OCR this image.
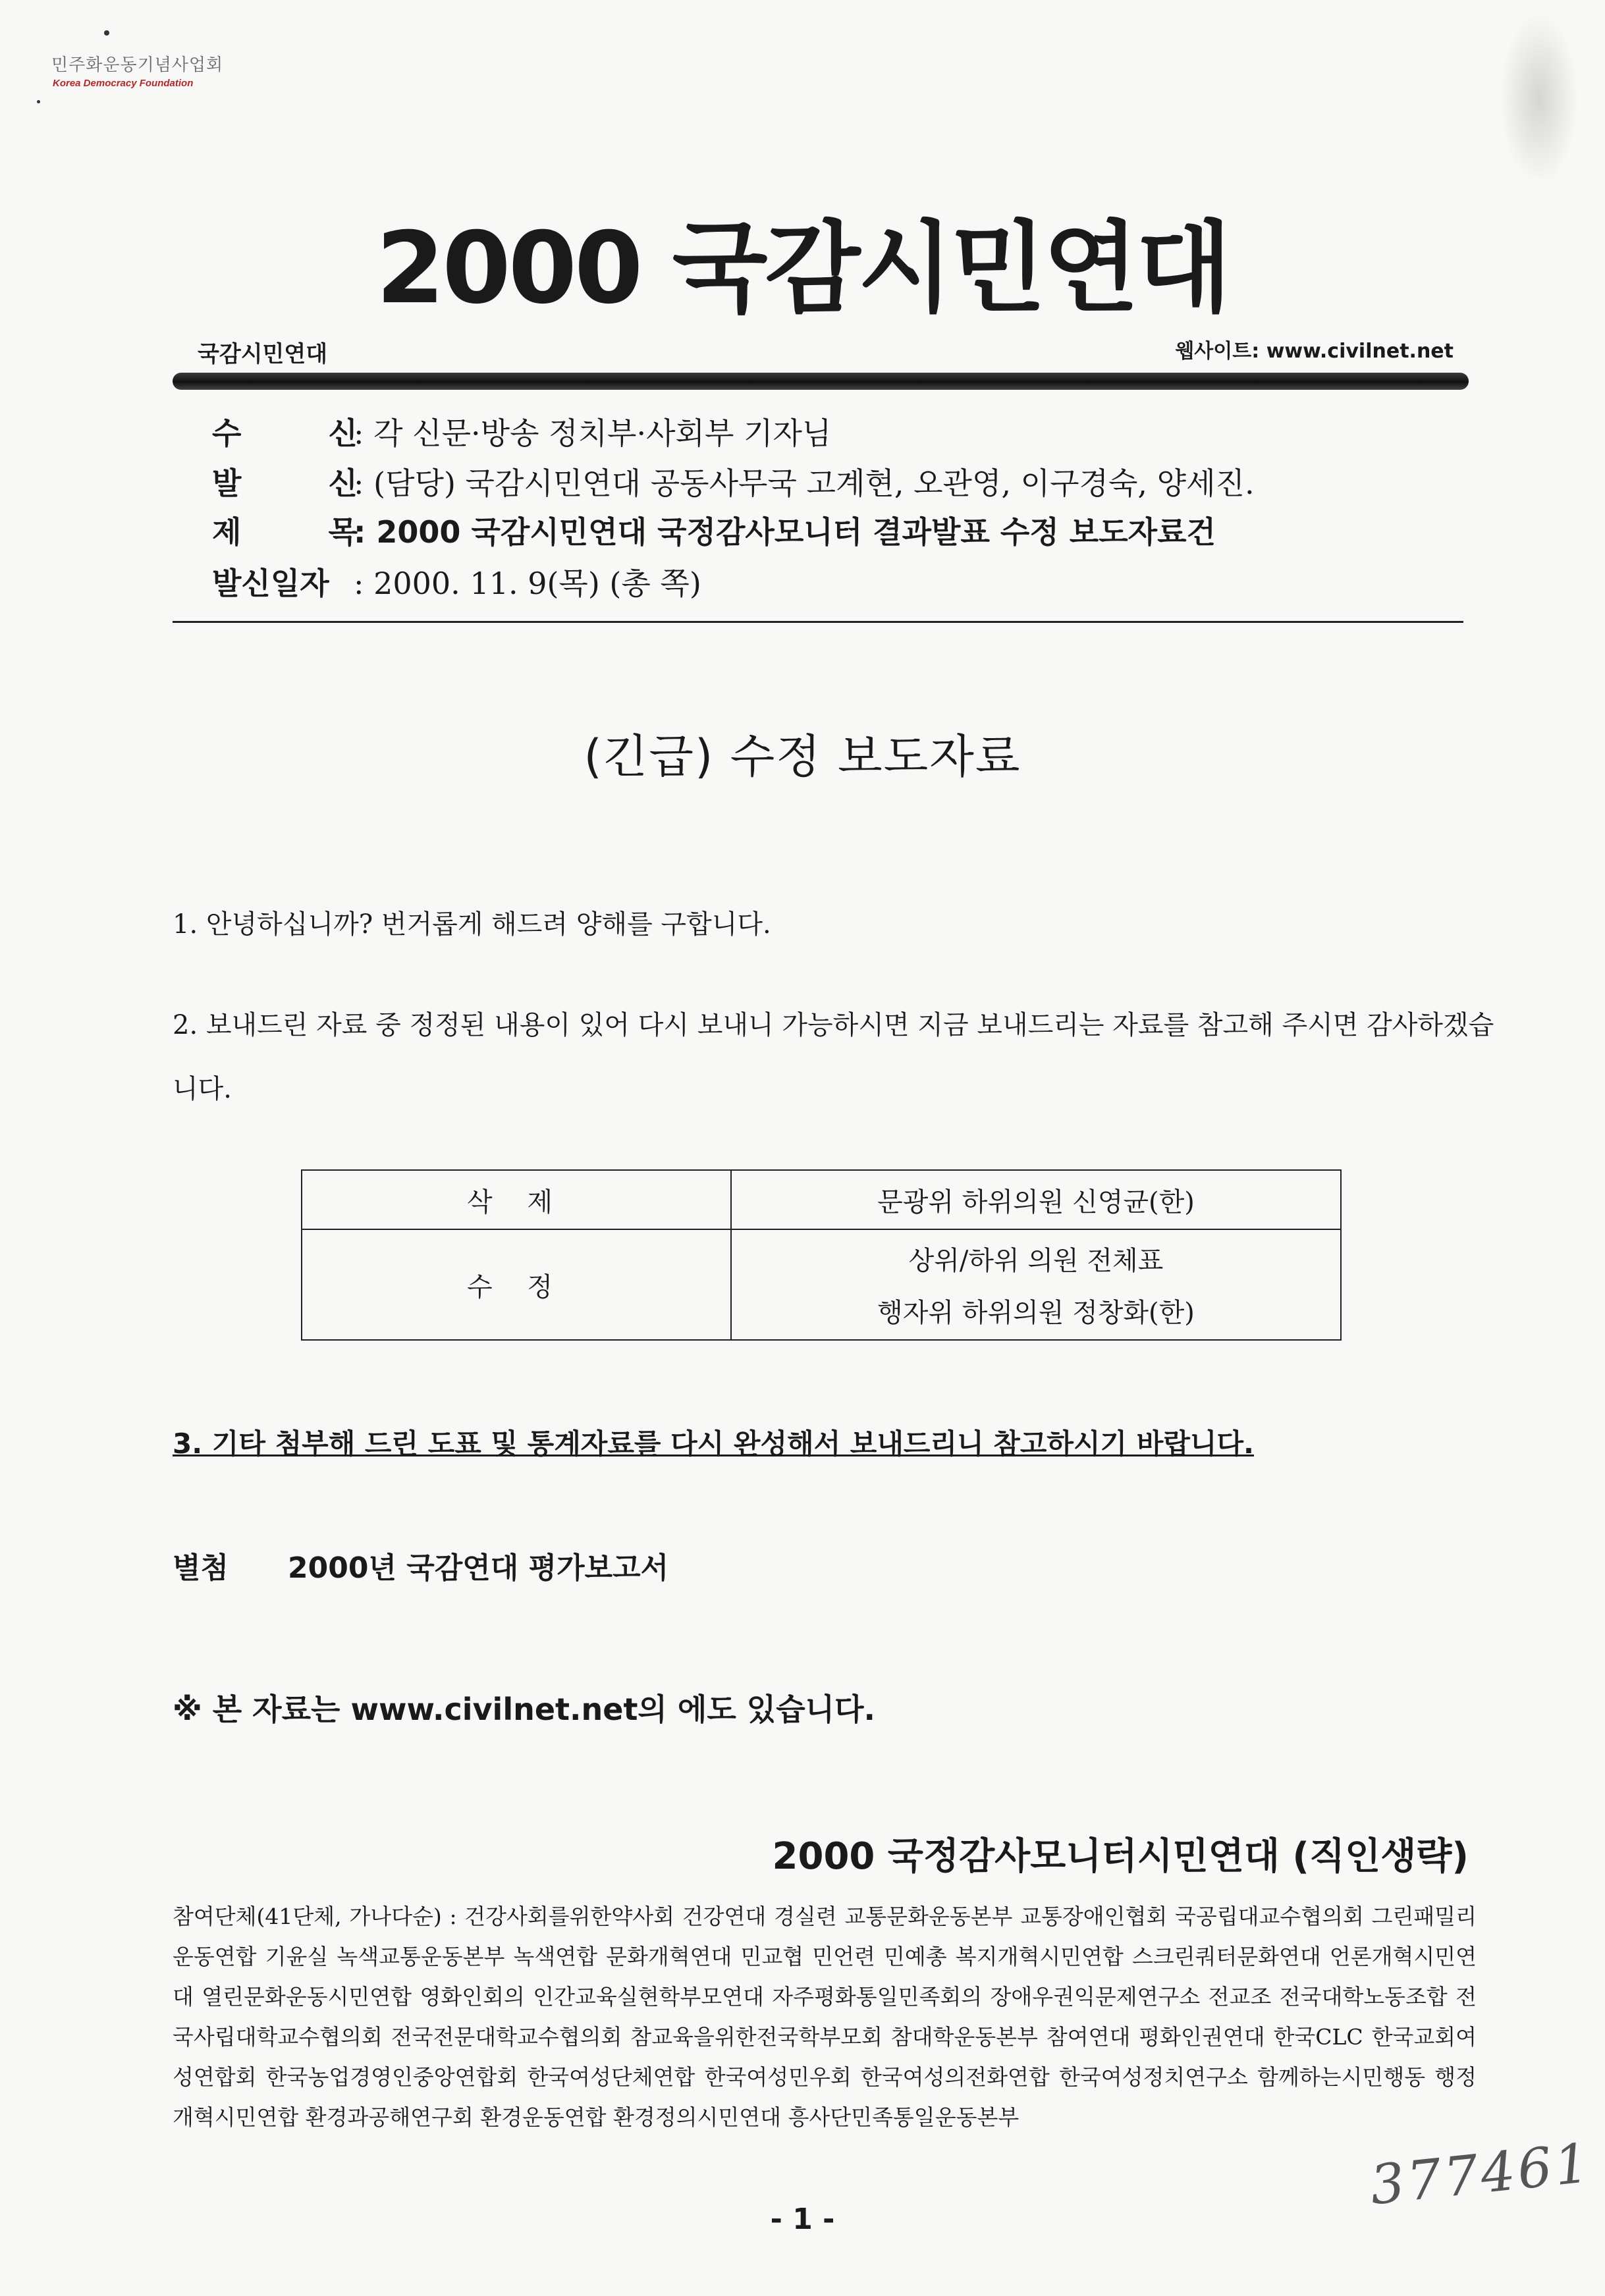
민주화운동기념사업회
Korea Democracy Foundation
2000 국감시민연대
국감시민연대	웹사이트: www.civilnet.net
수 신: 각 신문·방송 정치부·사회부 기자님
발 신: (담당) 국감시민연대 공동사무국 고계현, 오관영, 이구경숙, 양세진.
제 목: 2000 국감시민연대 국정감사모니터 결과발표 수정 보도자료건
발신일자 : 2000. 11. 9(목) (총 쪽)
(긴급) 수정 보도자료
1. 안녕하십니까? 번거롭게 해드려 양해를 구합니다.
2. 보내드린 자료 중 정정된 내용이 있어 다시 보내니 가능하시면 지금 보내드리는 자료를 참고해 주시면 감사하겠습
니다.
삭 제	문광위 하위의원 신영균(한)
수 정	상위/하위 의원 전체표
행자위 하위의원 정창화(한)
3. 기타 첨부해 드린 도표 및 통계자료를 다시 완성해서 보내드리니 참고하시기 바랍니다.
별첨 2000년 국감연대 평가보고서
※ 본 자료는 www.civilnet.net의 에도 있습니다.
2000 국정감사모니터시민연대 (직인생략)
참여단체(41단체, 가나다순) : 건강사회를위한약사회 건강연대 경실련 교통문화운동본부 교통장애인협회 국공립대교수협의회 그린패밀리운동연합 기윤실 녹색교통운동본부 녹색연합 문화개혁연대 민교협 민언련 민예총 복지개혁시민연합 스크린쿼터문화연대 언론개혁시민연대 열린문화운동시민연합 영화인회의 인간교육실현학부모연대 자주평화통일민족회의 장애우권익문제연구소 전교조 전국대학노동조합 전국사립대학교수협의회 전국전문대학교수협의회 참교육을위한전국학부모회 참대학운동본부 참여연대 평화인권연대 한국CLC 한국교회여성연합회 한국농업경영인중앙연합회 한국여성단체연합 한국여성민우회 한국여성의전화연합 한국여성정치연구소 함께하는시민행동 행정개혁시민연합 환경과공해연구회 환경운동연합 환경정의시민연대 흥사단민족통일운동본부
377461
- 1 -
